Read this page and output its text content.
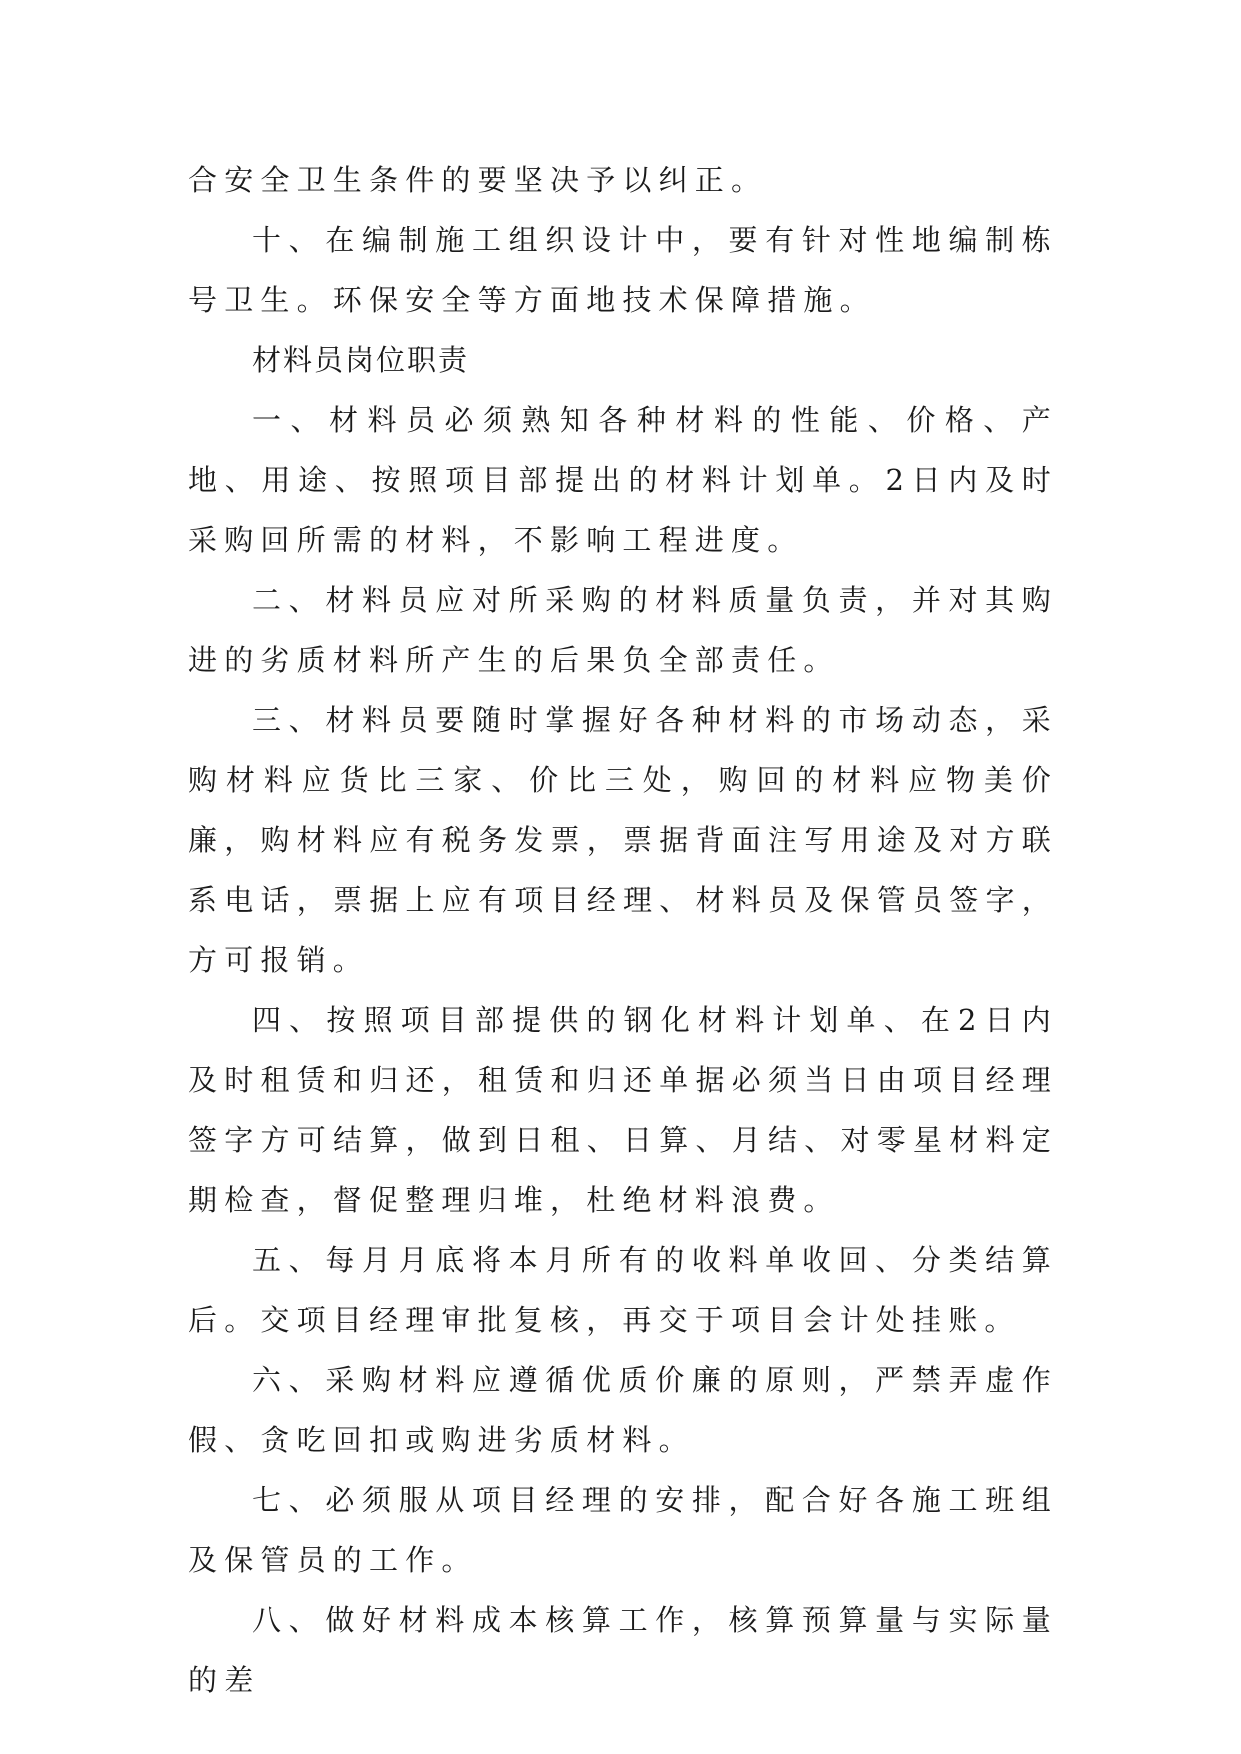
合安全卫生条件的要坚决予以纠正。

十、在编制施工组织设计中，要有针对性地编制栋号卫生。环保安全等方面地技术保障措施。

材料员岗位职责

一、材料员必须熟知各种材料的性能、价格、产地、用途、按照项目部提出的材料计划单。2日内及时采购回所需的材料，不影响工程进度。

二、材料员应对所采购的材料质量负责，并对其购进的劣质材料所产生的后果负全部责任。

三、材料员要随时掌握好各种材料的市场动态，采购材料应货比三家、价比三处，购回的材料应物美价廉，购材料应有税务发票，票据背面注写用途及对方联系电话，票据上应有项目经理、材料员及保管员签字，方可报销。

四、按照项目部提供的钢化材料计划单、在2日内及时租赁和归还，租赁和归还单据必须当日由项目经理签字方可结算，做到日租、日算、月结、对零星材料定期检查，督促整理归堆，杜绝材料浪费。

五、每月月底将本月所有的收料单收回、分类结算后。交项目经理审批复核，再交于项目会计处挂账。

六、采购材料应遵循优质价廉的原则，严禁弄虚作假、贪吃回扣或购进劣质材料。

七、必须服从项目经理的安排，配合好各施工班组及保管员的工作。

八、做好材料成本核算工作，核算预算量与实际量的差
